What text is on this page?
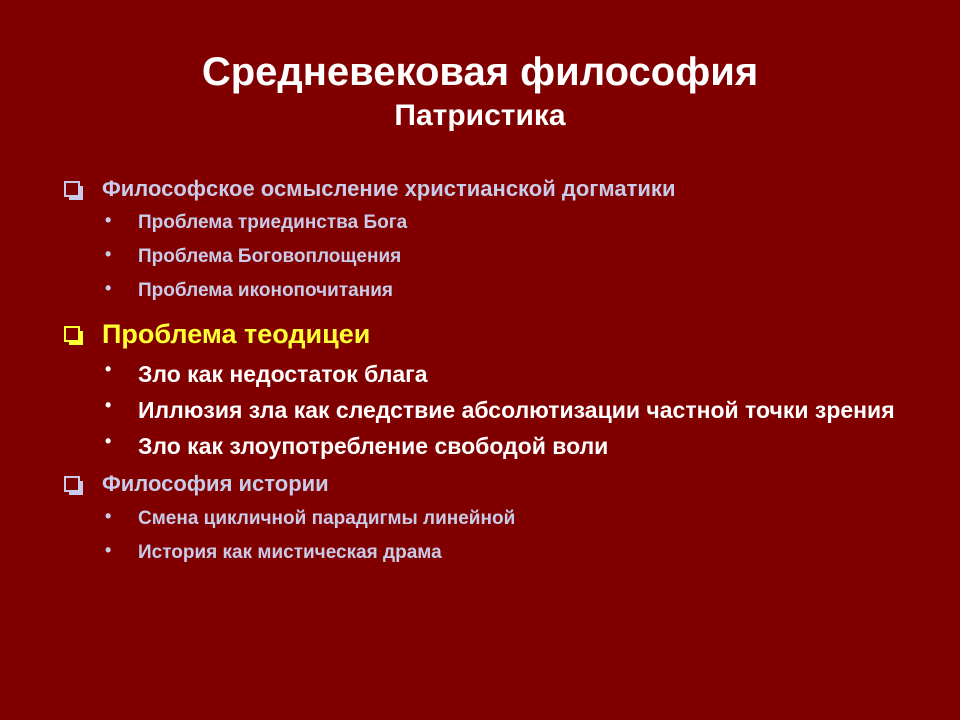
Средневековая философия
Патристика
Философское осмысление христианской догматики
• Проблема триединства Бога
• Проблема Боговоплощения
• Проблема иконопочитания
Проблема теодицеи
• Зло как недостаток блага
• Иллюзия зла как следствие абсолютизации частной точки зрения
• Зло как злоупотребление свободой воли
Философия истории
• Смена цикличной парадигмы линейной
• История как мистическая драма
